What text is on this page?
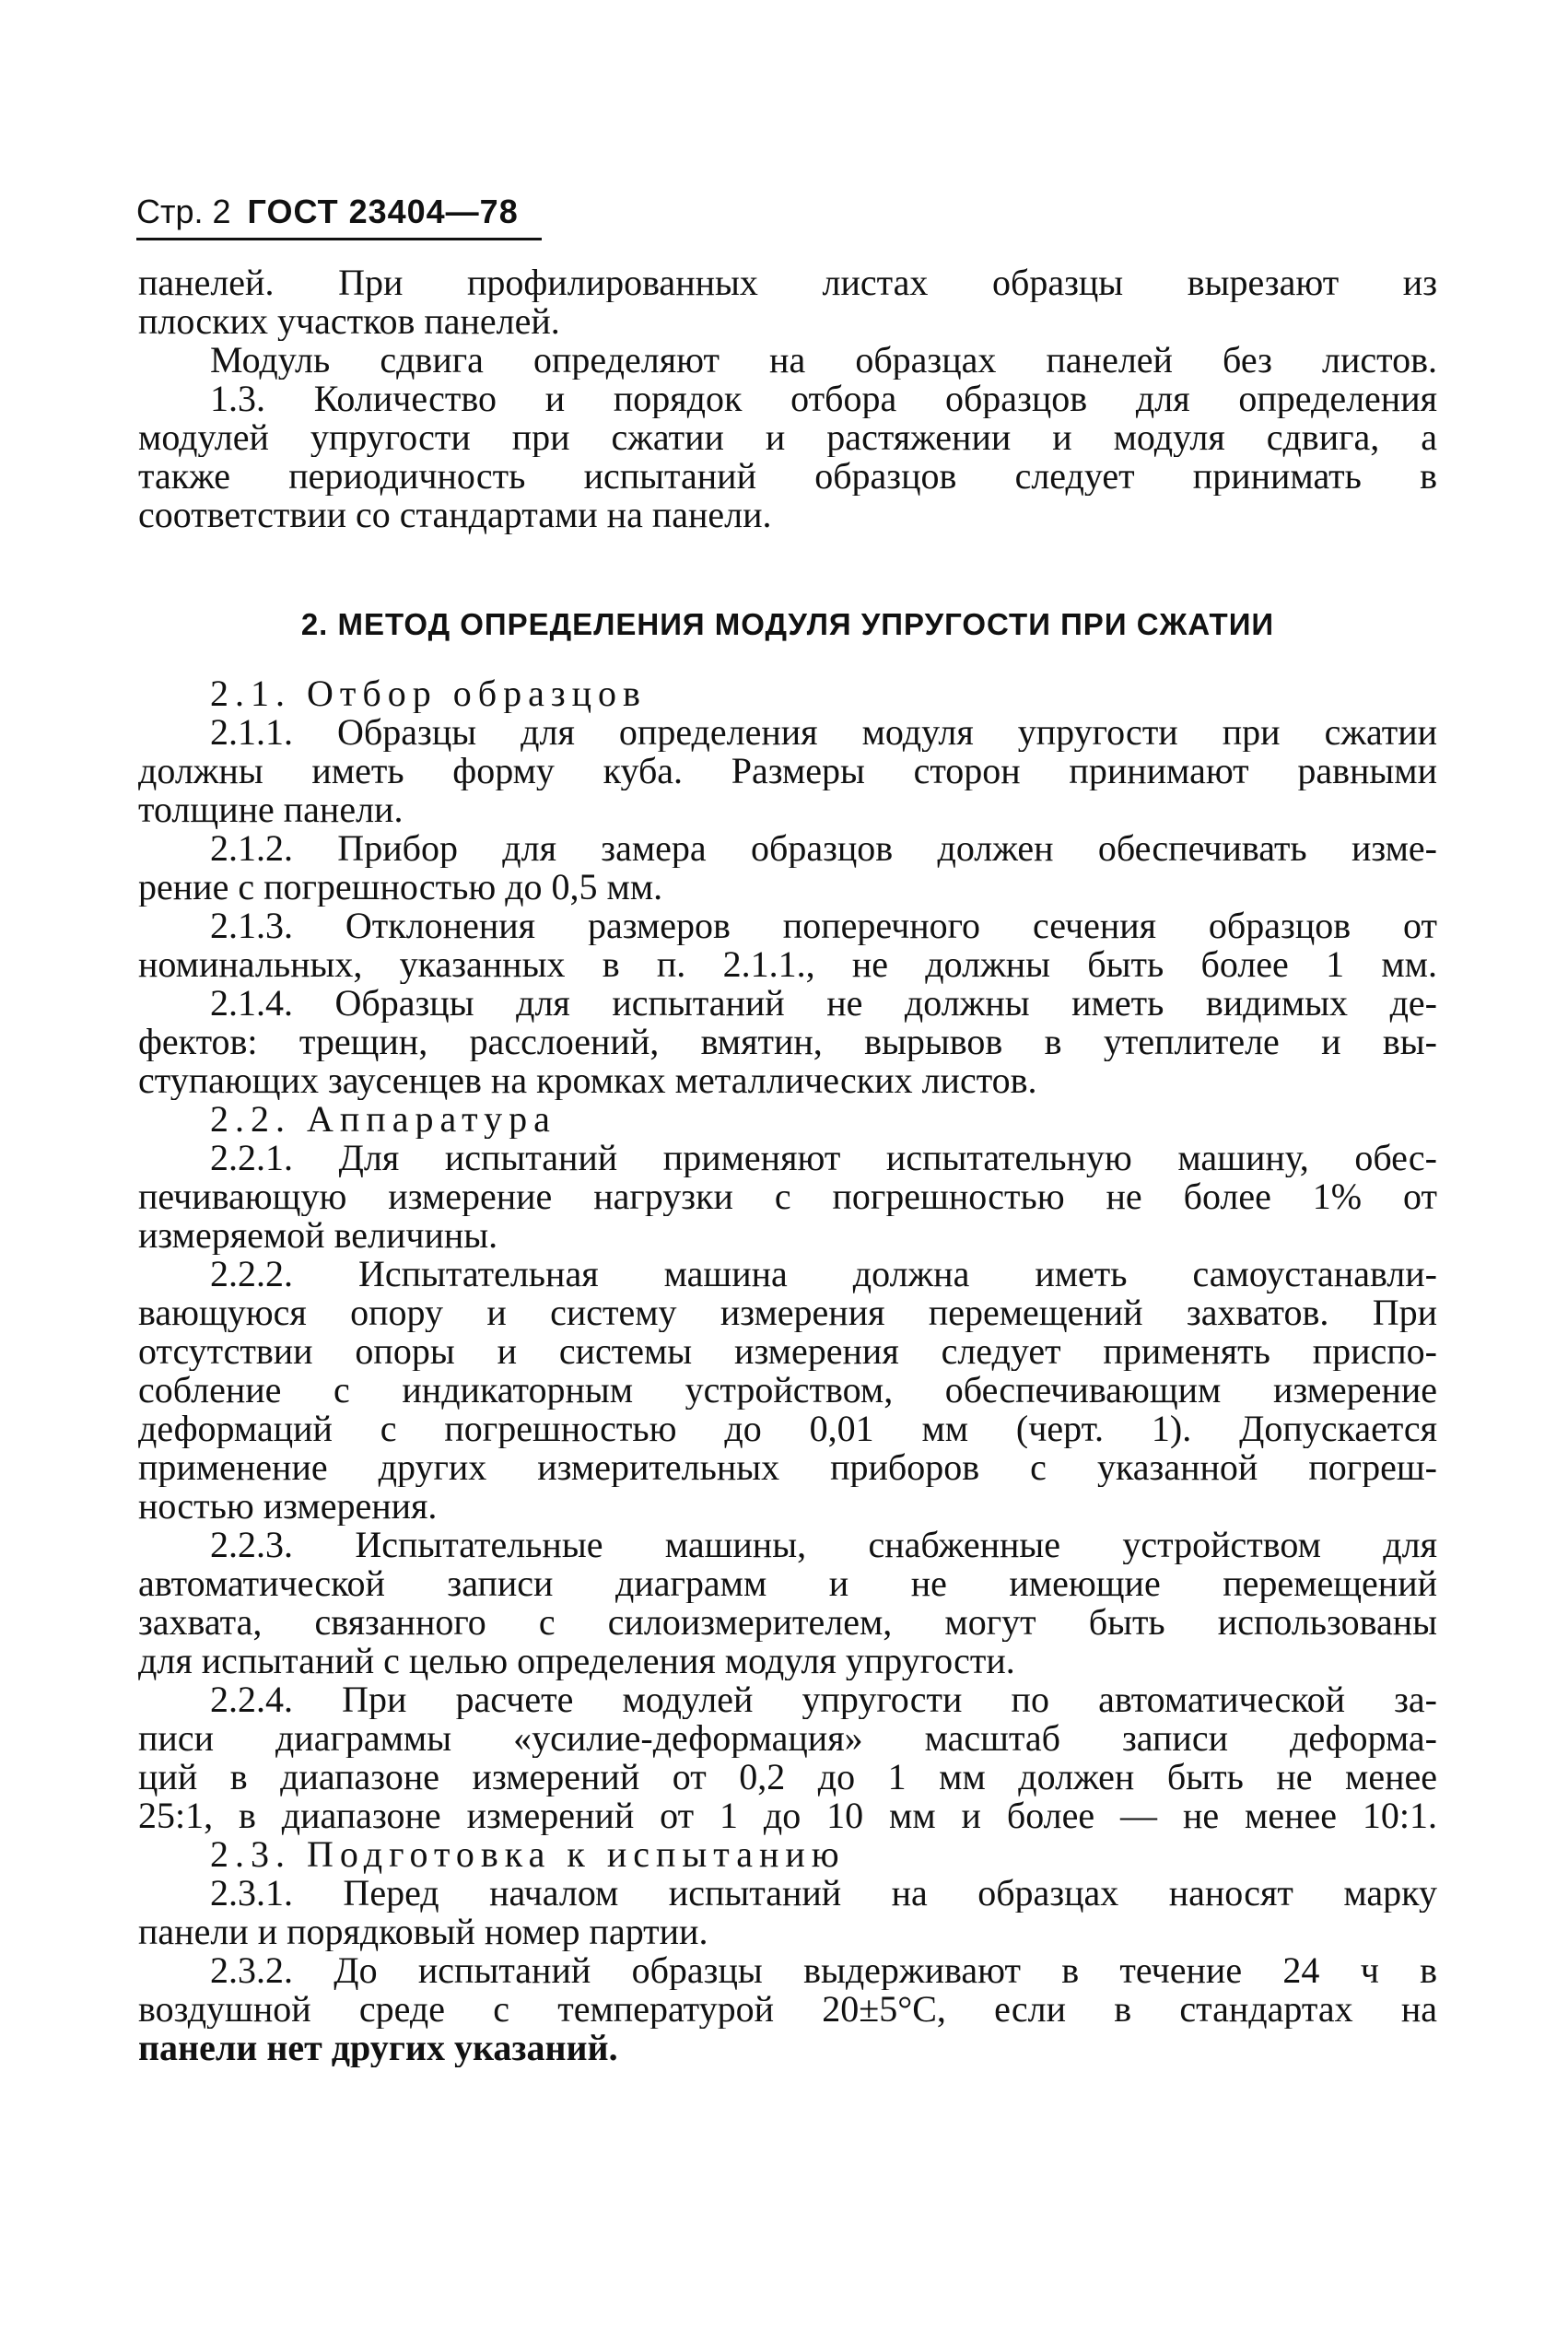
Стр. 2 ГОСТ 23404—78
панелей. При профилированных листах образцы вырезают из
плоских участков панелей.
Модуль сдвига определяют на образцах панелей без листов.
1.3. Количество и порядок отбора образцов для определения
модулей упругости при сжатии и растяжении и модуля сдвига, а
также периодичность испытаний образцов следует принимать в
соответствии со стандартами на панели.
2. МЕТОД ОПРЕДЕЛЕНИЯ МОДУЛЯ УПРУГОСТИ ПРИ СЖАТИИ
2.1. Отбор образцов
2.1.1. Образцы для определения модуля упругости при сжатии
должны иметь форму куба. Размеры сторон принимают равными
толщине панели.
2.1.2. Прибор для замера образцов должен обеспечивать изме-
рение с погрешностью до 0,5 мм.
2.1.3. Отклонения размеров поперечного сечения образцов от
номинальных, указанных в п. 2.1.1., не должны быть более 1 мм.
2.1.4. Образцы для испытаний не должны иметь видимых де-
фектов: трещин, расслоений, вмятин, вырывов в утеплителе и вы-
ступающих заусенцев на кромках металлических листов.
2.2. Аппаратура
2.2.1. Для испытаний применяют испытательную машину, обес-
печивающую измерение нагрузки с погрешностью не более 1% от
измеряемой величины.
2.2.2. Испытательная машина должна иметь самоустанавли-
вающуюся опору и систему измерения перемещений захватов. При
отсутствии опоры и системы измерения следует применять приспо-
собление с индикаторным устройством, обеспечивающим измерение
деформаций с погрешностью до 0,01 мм (черт. 1). Допускается
применение других измерительных приборов с указанной погреш-
ностью измерения.
2.2.3. Испытательные машины, снабженные устройством для
автоматической записи диаграмм и не имеющие перемещений
захвата, связанного с силоизмерителем, могут быть использованы
для испытаний с целью определения модуля упругости.
2.2.4. При расчете модулей упругости по автоматической за-
писи диаграммы «усилие-деформация» масштаб записи деформа-
ций в диапазоне измерений от 0,2 до 1 мм должен быть не менее
25:1, в диапазоне измерений от 1 до 10 мм и более — не менее 10:1.
2.3. Подготовка к испытанию
2.3.1. Перед началом испытаний на образцах наносят марку
панели и порядковый номер партии.
2.3.2. До испытаний образцы выдерживают в течение 24 ч в
воздушной среде с температурой 20±5°С, если в стандартах на
панели нет других указаний.
